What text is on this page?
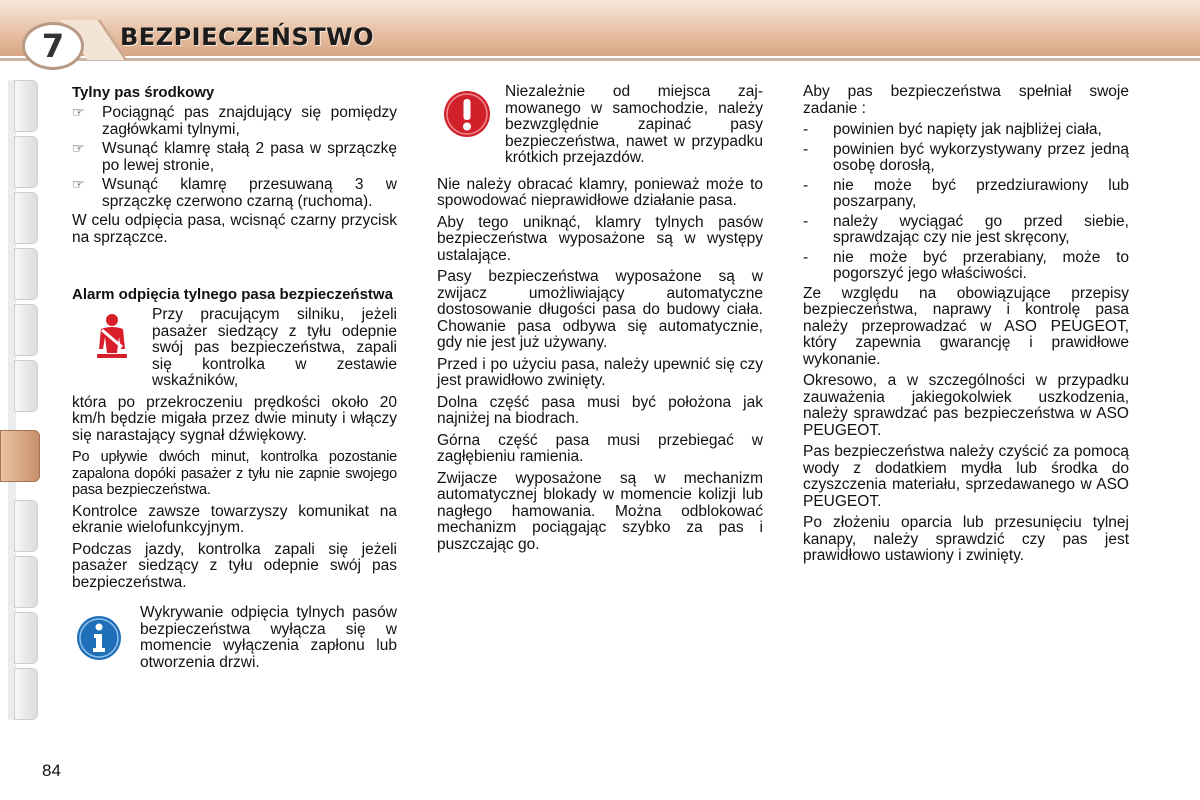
7	BEZPIECZEŃSTWO
Tylny pas środkowy
☞	Pociągnąć pas znajdujący się pomiędzy zagłówkami tylnymi,
☞	Wsunąć klamrę stałą 2 pasa w sprzączkę po lewej stronie,
☞	Wsunąć klamrę przesuwaną 3 w sprzączkę czerwono czarną (ruchoma).

W celu odpięcia pasa, wcisnąć czarny przycisk na sprzączce.

Alarm odpięcia tylnego pasa bezpieczeństwa

Przy pracującym silniku, jeżeli pasażer siedzący z tyłu odepnie swój pas bezpieczeństwa, zapali się kontrolka w zestawie wskaźników,

która po przekroczeniu prędkości około 20 km/h będzie migała przez dwie minuty i włączy się narastający sygnał dźwiękowy.

Po upływie dwóch minut, kontrolka pozostanie zapalona dopóki pasażer z tyłu nie zapnie swojego pasa bezpieczeństwa.

Kontrolce zawsze towarzyszy komunikat na ekranie wielofunkcyjnym.

Podczas jazdy, kontrolka zapali się jeżeli pasażer siedzący z tyłu odepnie swój pas bezpieczeństwa.

Wykrywanie odpięcia tylnych pasów bezpieczeństwa wyłącza się w momencie wyłączenia zapłonu lub otworzenia drzwi.

Niezależnie od miejsca zajmowanego w samochodzie, należy bezwzględnie zapinać pasy bezpieczeństwa, nawet w przypadku krótkich przejazdów.

Nie należy obracać klamry, ponieważ może to spowodować nieprawidłowe działanie pasa.

Aby tego uniknąć, klamry tylnych pasów bezpieczeństwa wyposażone są w występy ustalające.

Pasy bezpieczeństwa wyposażone są w zwijacz umożliwiający automatyczne dostosowanie długości pasa do budowy ciała. Chowanie pasa odbywa się automatycznie, gdy nie jest już używany.

Przed i po użyciu pasa, należy upewnić się czy jest prawidłowo zwinięty.

Dolna część pasa musi być położona jak najniżej na biodrach.

Górna część pasa musi przebiegać w zagłębieniu ramienia.

Zwijacze wyposażone są w mechanizm automatycznej blokady w momencie kolizji lub nagłego hamowania. Można odblokować mechanizm pociągając szybko za pas i puszczając go.

Aby pas bezpieczeństwa spełniał swoje zadanie :

-	powinien być napięty jak najbliżej ciała,
-	powinien być wykorzystywany przez jedną osobę dorosłą,
-	nie może być przedziurawiony lub poszarpany,
-	należy wyciągać go przed siebie, sprawdzając czy nie jest skręcony,
-	nie może być przerabiany, może to pogorszyć jego właściwości.

Ze względu na obowiązujące przepisy bezpieczeństwa, naprawy i kontrolę pasa należy przeprowadzać w ASO PEUGEOT, który zapewnia gwarancję i prawidłowe wykonanie.

Okresowo, a w szczególności w przypadku zauważenia jakiegokolwiek uszkodzenia, należy sprawdzać pas bezpieczeństwa w ASO PEUGEOT.

Pas bezpieczeństwa należy czyścić za pomocą wody z dodatkiem mydła lub środka do czyszczenia materiału, sprzedawanego w ASO PEUGEOT.

Po złożeniu oparcia lub przesunięciu tylnej kanapy, należy sprawdzić czy pas jest prawidłowo ustawiony i zwinięty.

84
